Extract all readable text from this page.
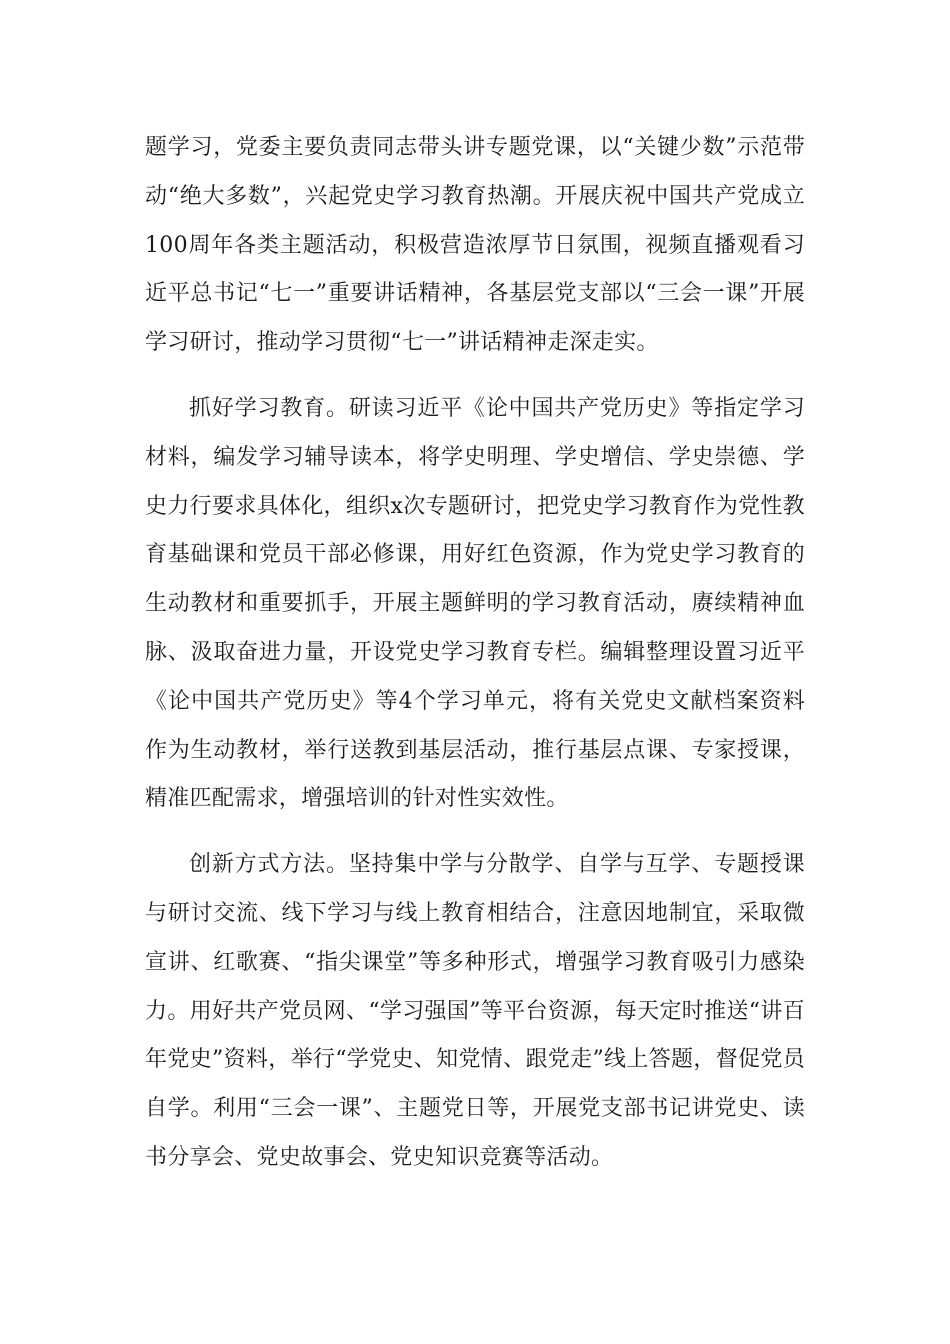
题学习，党委主要负责同志带头讲专题党课，以“关键少数”示范带动“绝大多数”，兴起党史学习教育热潮。开展庆祝中国共产党成立100周年各类主题活动，积极营造浓厚节日氛围，视频直播观看习近平总书记“七一”重要讲话精神，各基层党支部以“三会一课”开展学习研讨，推动学习贯彻“七一”讲话精神走深走实。

抓好学习教育。研读习近平《论中国共产党历史》等指定学习材料，编发学习辅导读本，将学史明理、学史增信、学史崇德、学史力行要求具体化，组织x次专题研讨，把党史学习教育作为党性教育基础课和党员干部必修课，用好红色资源，作为党史学习教育的生动教材和重要抓手，开展主题鲜明的学习教育活动，赓续精神血脉、汲取奋进力量，开设党史学习教育专栏。编辑整理设置习近平《论中国共产党历史》等4个学习单元，将有关党史文献档案资料作为生动教材，举行送教到基层活动，推行基层点课、专家授课，精准匹配需求，增强培训的针对性实效性。

创新方式方法。坚持集中学与分散学、自学与互学、专题授课与研讨交流、线下学习与线上教育相结合，注意因地制宜，采取微宣讲、红歌赛、“指尖课堂”等多种形式，增强学习教育吸引力感染力。用好共产党员网、“学习强国”等平台资源，每天定时推送“讲百年党史”资料，举行“学党史、知党情、跟党走”线上答题，督促党员自学。利用“三会一课”、主题党日等，开展党支部书记讲党史、读书分享会、党史故事会、党史知识竞赛等活动。
